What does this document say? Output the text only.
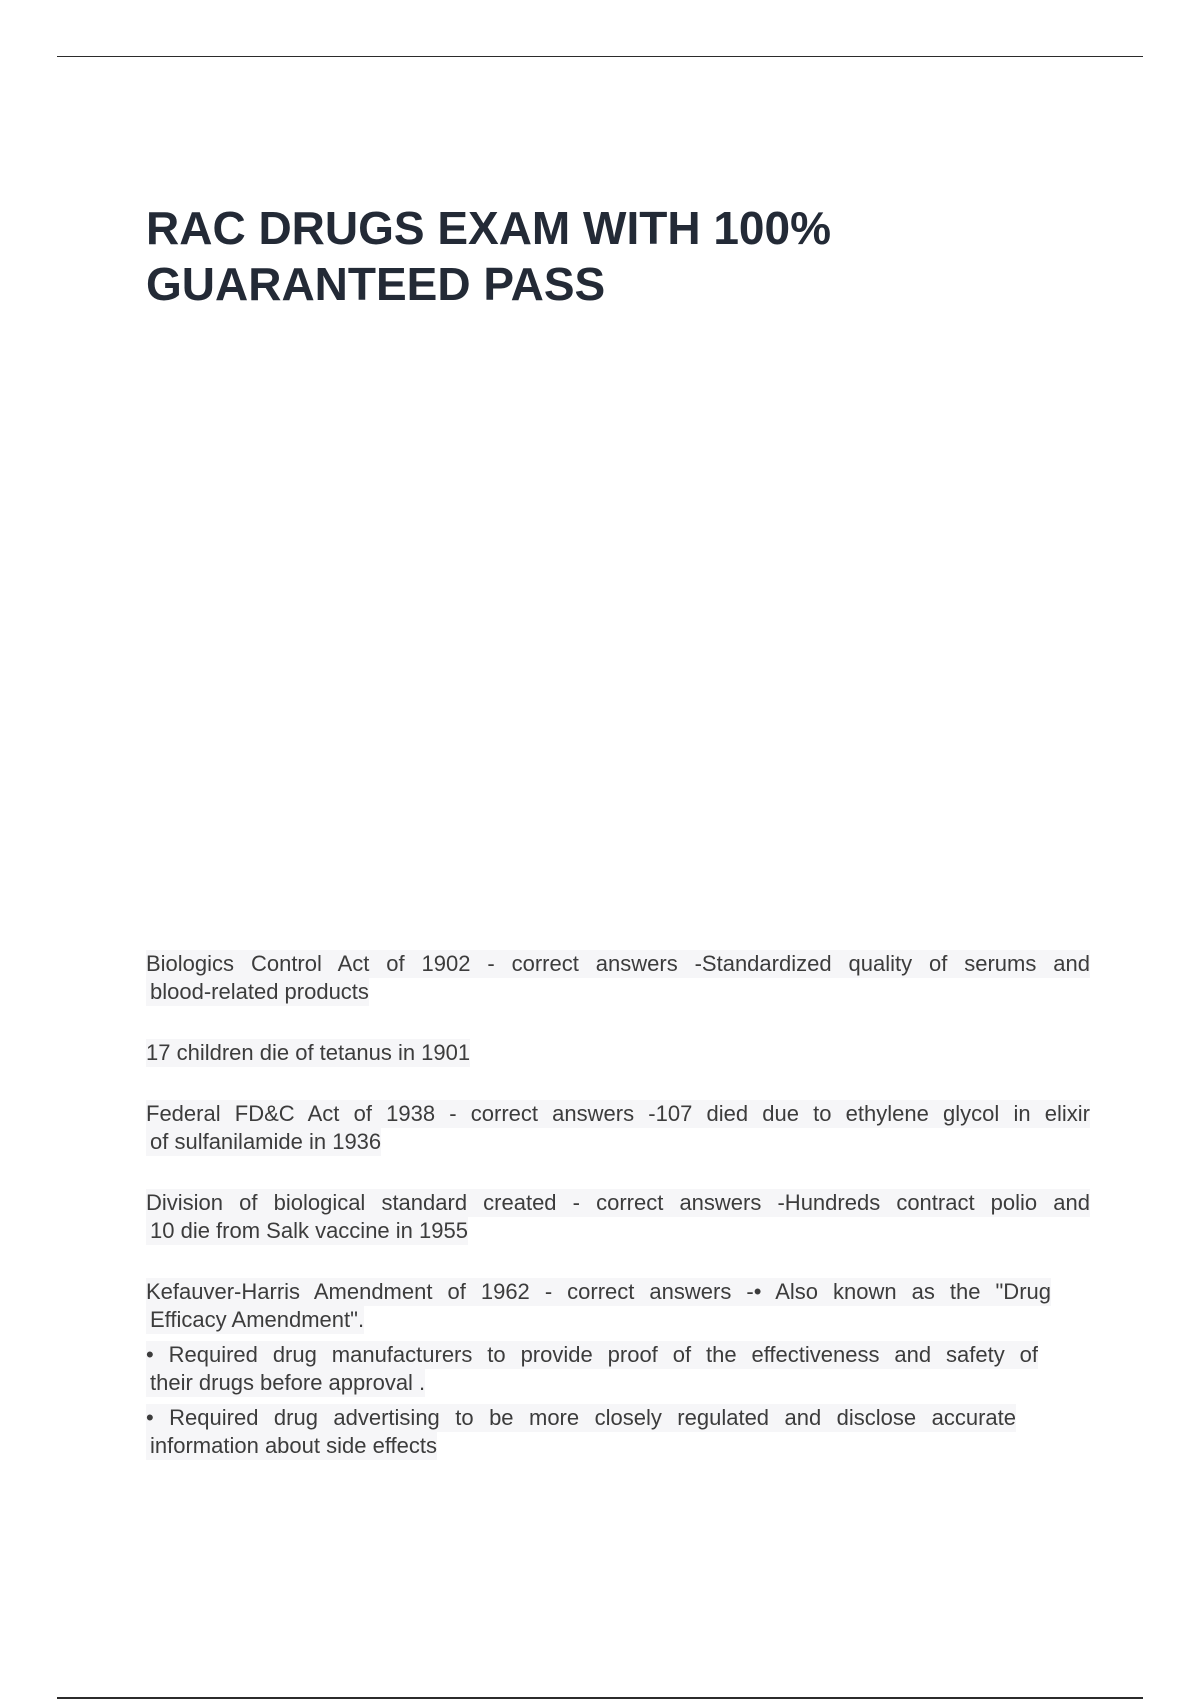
RAC DRUGS EXAM WITH 100%
GUARANTEED PASS
Biologics Control Act of 1902 - correct answers -Standardized quality of serums and
blood-related products
17 children die of tetanus in 1901
Federal FD&C Act of 1938 - correct answers -107 died due to ethylene glycol in elixir
of sulfanilamide in 1936
Division of biological standard created - correct answers -Hundreds contract polio and
10 die from Salk vaccine in 1955
Kefauver-Harris Amendment of 1962 - correct answers -• Also known as the "Drug
Efficacy Amendment".

• Required drug manufacturers to provide proof of the effectiveness and safety of
their drugs before approval .

• Required drug advertising to be more closely regulated and disclose accurate
information about side effects
